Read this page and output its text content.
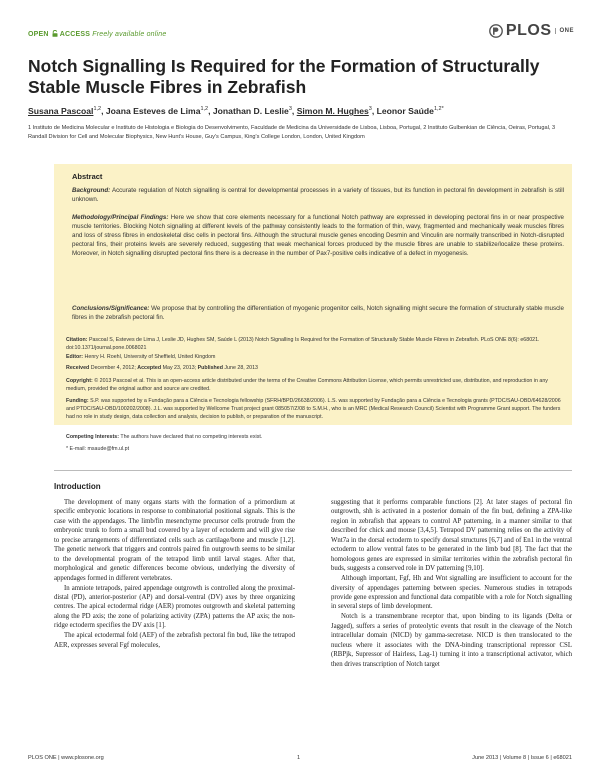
OPEN ACCESS Freely available online	PLOS	ONE
Notch Signalling Is Required for the Formation of Structurally Stable Muscle Fibres in Zebrafish
Susana Pascoal$^{1,2}$, Joana Esteves de Lima$^{1,2}$, Jonathan D. Leslie$^3$, Simon M. Hughes$^3$, Leonor Saúde$^{1,2*}$
1 Instituto de Medicina Molecular e Instituto de Histologia e Biologia do Desenvolvimento, Faculdade de Medicina da Universidade de Lisboa, Lisboa, Portugal, 2 Instituto Gulbenkian de Ciência, Oeiras, Portugal, 3 Randall Division for Cell and Molecular Biophysics, New Hunt's House, Guy's Campus, King's College London, London, United Kingdom
Abstract
Background: Accurate regulation of Notch signalling is central for developmental processes in a variety of tissues, but its function in pectoral fin development in zebrafish is still unknown.
Methodology/Principal Findings: Here we show that core elements necessary for a functional Notch pathway are expressed in developing pectoral fins in or near prospective muscle territories. Blocking Notch signalling at different levels of the pathway consistently leads to the formation of thin, wavy, fragmented and mechanically weak muscles fibres and loss of stress fibres in endoskeletal disc cells in pectoral fins. Although the structural muscle genes encoding Desmin and Vinculin are normally transcribed in Notch-disrupted pectoral fins, their proteins levels are severely reduced, suggesting that weak mechanical forces produced by the muscle fibres are unable to stabilize/localize these proteins. Moreover, in Notch signalling disrupted pectoral fins there is a decrease in the number of Pax7-positive cells indicative of a defect in myogenesis.
Conclusions/Significance: We propose that by controlling the differentiation of myogenic progenitor cells, Notch signalling might secure the formation of structurally stable muscle fibres in the zebrafish pectoral fin.
Citation: Pascoal S, Esteves de Lima J, Leslie JD, Hughes SM, Saúde L (2013) Notch Signalling Is Required for the Formation of Structurally Stable Muscle Fibres in Zebrafish. PLoS ONE 8(6): e68021. doi:10.1371/journal.pone.0068021
Editor: Henry H. Roehl, University of Sheffield, United Kingdom
Received December 4, 2012; Accepted May 23, 2013; Published June 28, 2013
Copyright: © 2013 Pascoal et al. This is an open-access article distributed under the terms of the Creative Commons Attribution License, which permits unrestricted use, distribution, and reproduction in any medium, provided the original author and source are credited.
Funding: S.P. was supported by a Fundação para a Ciência e Tecnologia fellowship (SFRH/BPD/26638/2006). L.S. was supported by Fundação para a Ciência e Tecnologia grants (PTDC/SAU-OBD/64628/2006 and PTDC/SAU-OBD/100202/2008). J.L. was supported by Wellcome Trust project grant 085057/Z/08 to S.M.H., who is an MRC (Medical Research Council) Scientist with Programme Grant support. The funders had no role in study design, data collection and analysis, decision to publish, or preparation of the manuscript.
Competing Interests: The authors have declared that no competing interests exist.
* E-mail: msaude@fm.ul.pt
Introduction

The development of many organs starts with the formation of a primordium at specific embryonic locations in response to combinatorial positional signals. This is the case with the appendages. The limb/fin mesenchyme precursor cells protrude from the embryonic trunk to form a small bud covered by a layer of ectoderm and will give rise to precise arrangements of differentiated cells such as cartilage/bone and muscle [1,2]. The genetic network that triggers and controls paired fin outgrowth seems to be similar to the developmental program of the tetrapod limb until larval stages. After that, morphological and genetic differences become obvious, underlying the diversity of appendages formed in different vertebrates.

In amniote tetrapods, paired appendage outgrowth is controlled along the proximal-distal (PD), anterior-posterior (AP) and dorsal-ventral (DV) axes by three organizing centres. The apical ectodermal ridge (AER) promotes outgrowth and skeletal patterning along the PD axis; the zone of polarizing activity (ZPA) patterns the AP axis; the non-ridge ectoderm specifies the DV axis [1].

The apical ectodermal fold (AEF) of the zebrafish pectoral fin bud, like the tetrapod AER, expresses several Fgf molecules,

suggesting that it performs comparable functions [2]. At later stages of pectoral fin outgrowth, shh is activated in a posterior domain of the fin bud, defining a ZPA-like region in zebrafish that appears to control AP patterning, in a manner similar to that described for chick and mouse [3,4,5]. Tetrapod DV patterning relies on the activity of Wnt7a in the dorsal ectoderm to specify dorsal structures [6,7] and of En1 in the ventral ectoderm to allow ventral fates to be generated in the limb bud [8]. The fact that the homologous genes are expressed in similar territories within the zebrafish pectoral fin buds, suggests a conserved role in DV patterning [9,10].

Although important, Fgf, Hh and Wnt signalling are insufficient to account for the diversity of appendages patterning between species. Numerous studies in tetrapods provide gene expression and functional data compatible with a role for Notch signalling in several steps of limb development.

Notch is a transmembrane receptor that, upon binding to its ligands (Delta or Jagged), suffers a series of proteolytic events that result in the cleavage of the Notch intracellular domain (NICD) by gamma-secretase. NICD is then translocated to the nucleus where it associates with the DNA-binding transcriptional repressor CSL (RBPjk, Supressor of Hairless, Lag-1) turning it into a transcriptional activator, which then drives transcription of Notch target

PLOS ONE | www.plosone.org	1	June 2013 | Volume 8 | Issue 6 | e68021
